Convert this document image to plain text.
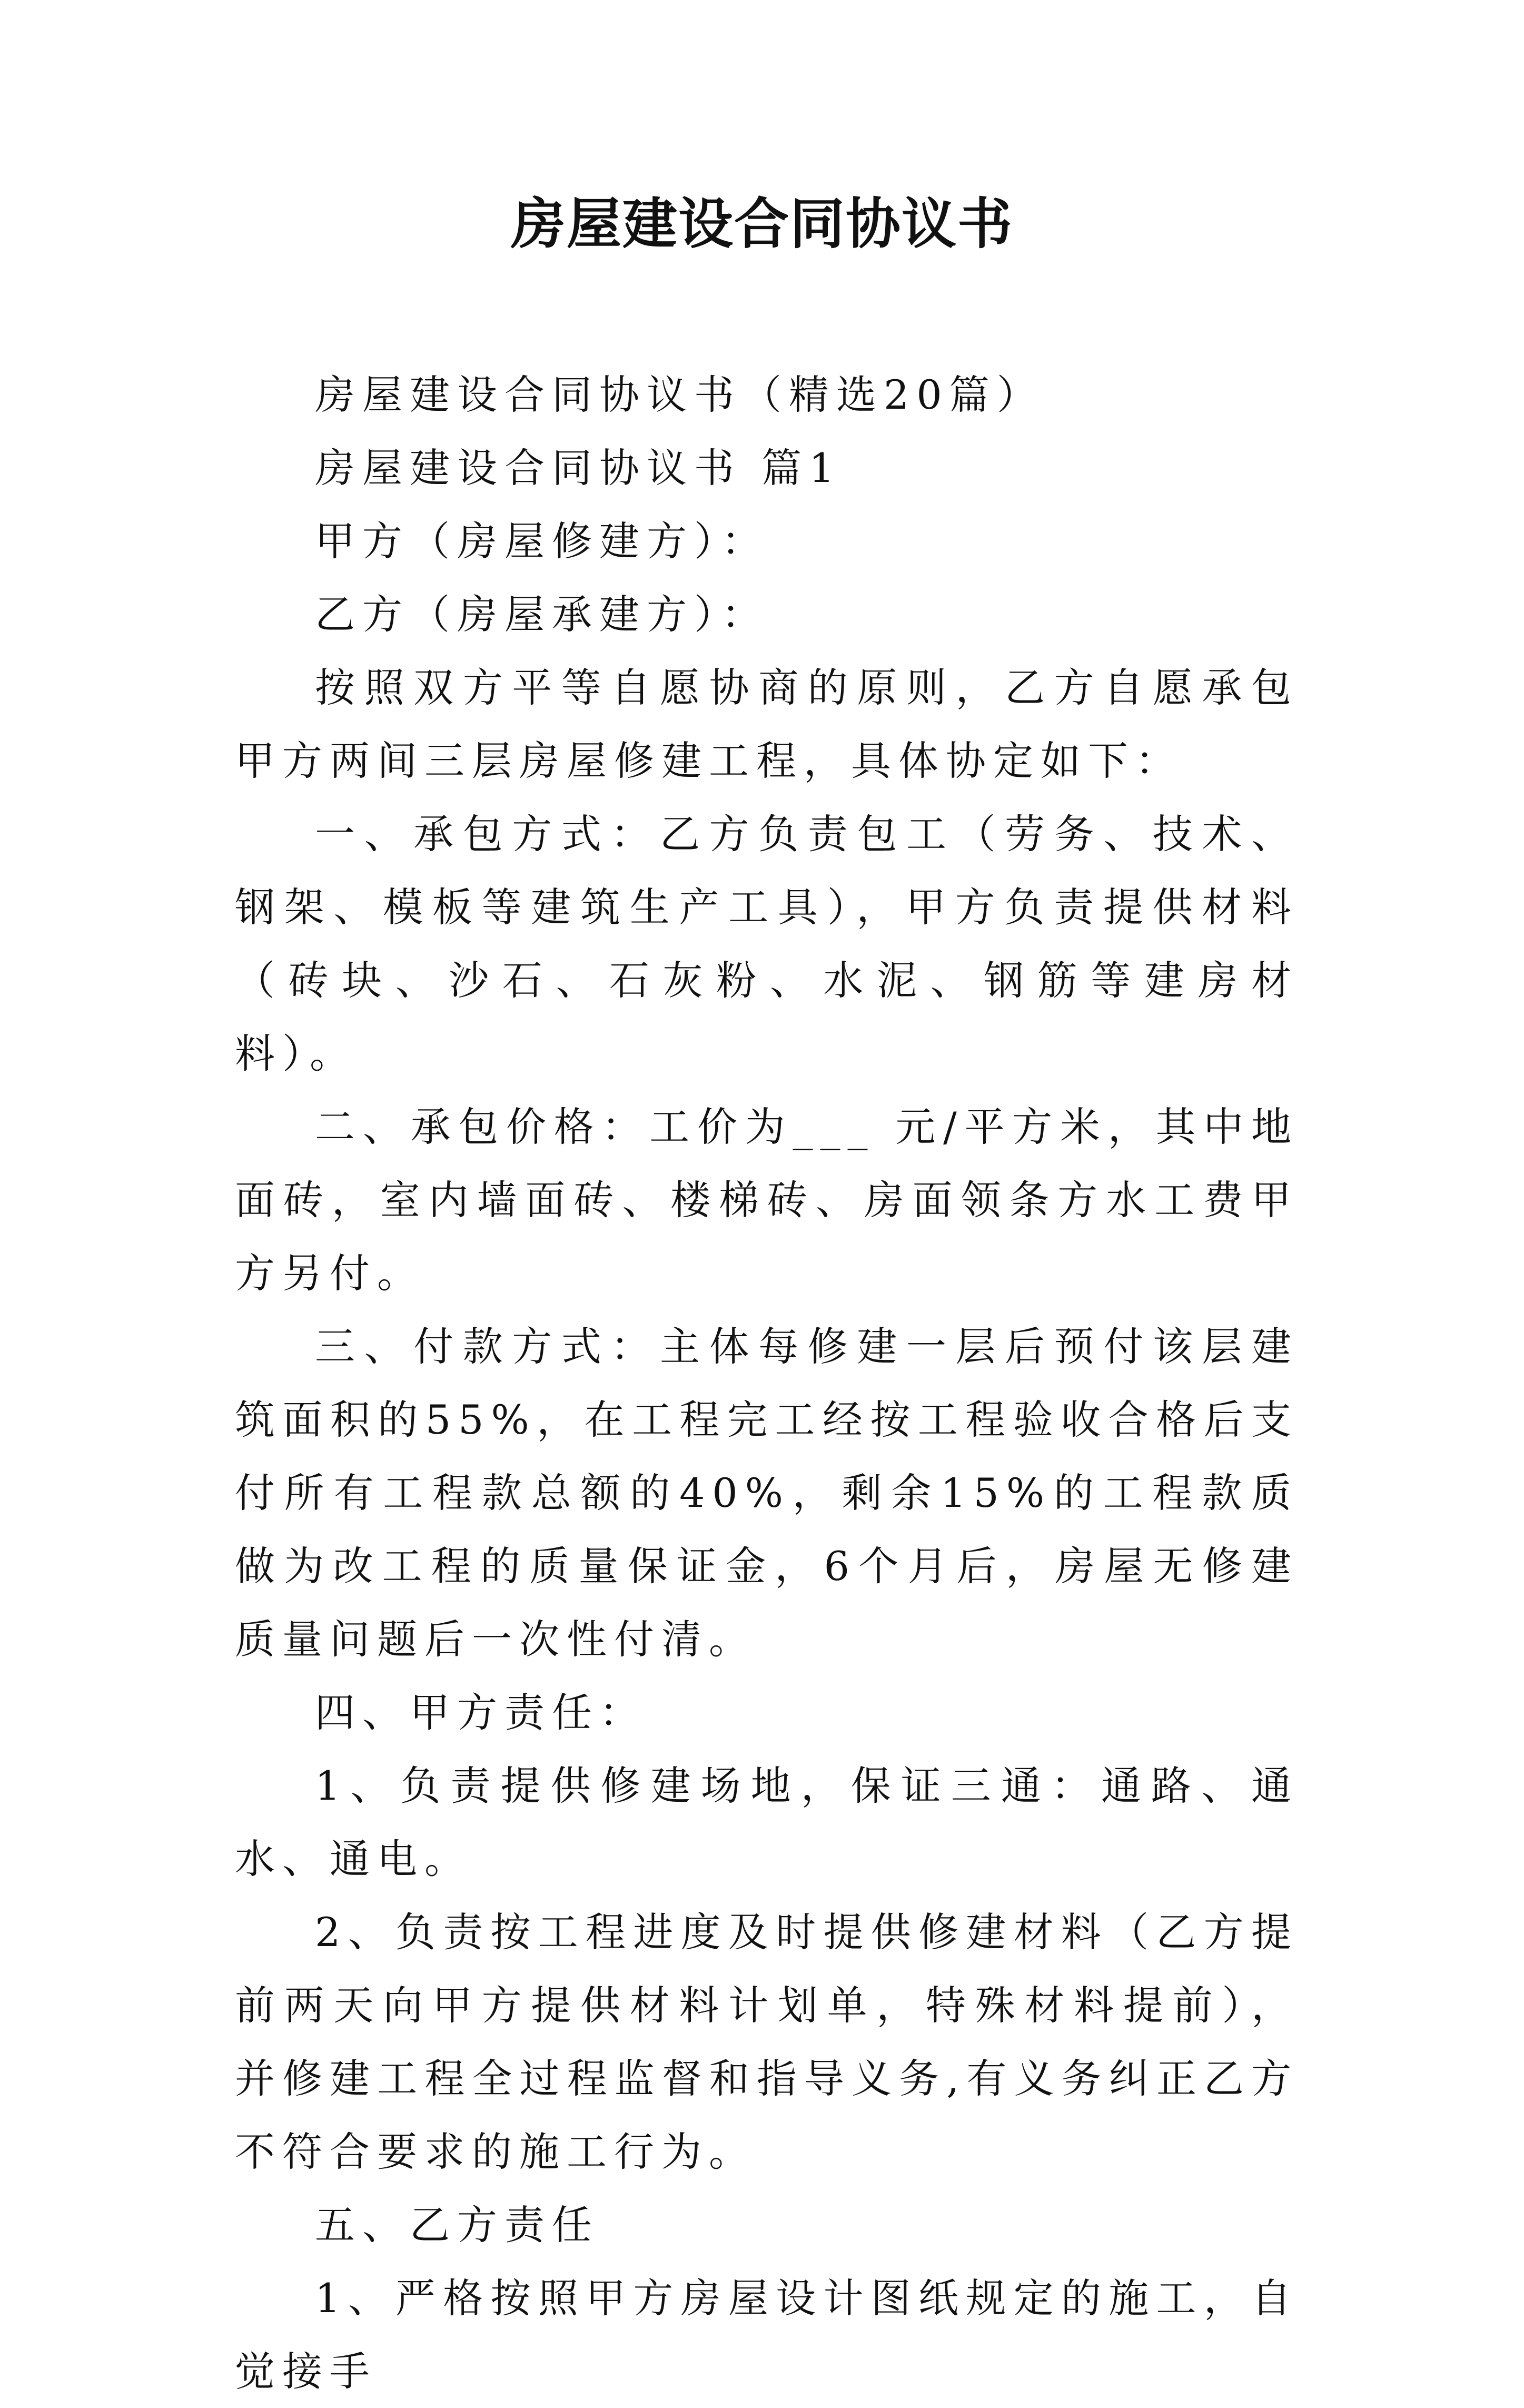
房屋建设合同协议书

房屋建设合同协议书（精选20篇）

房屋建设合同协议书 篇1

甲方（房屋修建方）：

乙方（房屋承建方）：

按照双方平等自愿协商的原则，乙方自愿承包甲方两间三层房屋修建工程，具体协定如下：

一、承包方式：乙方负责包工（劳务、技术、钢架、模板等建筑生产工具），甲方负责提供材料（砖块、沙石、石灰粉、水泥、钢筋等建房材料）。

二、承包价格：工价为___ 元/平方米，其中地面砖，室内墙面砖、楼梯砖、房面领条方水工费甲方另付。

三、付款方式：主体每修建一层后预付该层建筑面积的55%，在工程完工经按工程验收合格后支付所有工程款总额的40%，剩余15%的工程款质做为改工程的质量保证金，6个月后，房屋无修建质量问题后一次性付清。

四、甲方责任：

1、负责提供修建场地，保证三通：通路、通水、通电。

2、负责按工程进度及时提供修建材料（乙方提前两天向甲方提供材料计划单，特殊材料提前），并修建工程全过程监督和指导义务,有义务纠正乙方不符合要求的施工行为。

五、乙方责任

1、严格按照甲方房屋设计图纸规定的施工，自觉接手
